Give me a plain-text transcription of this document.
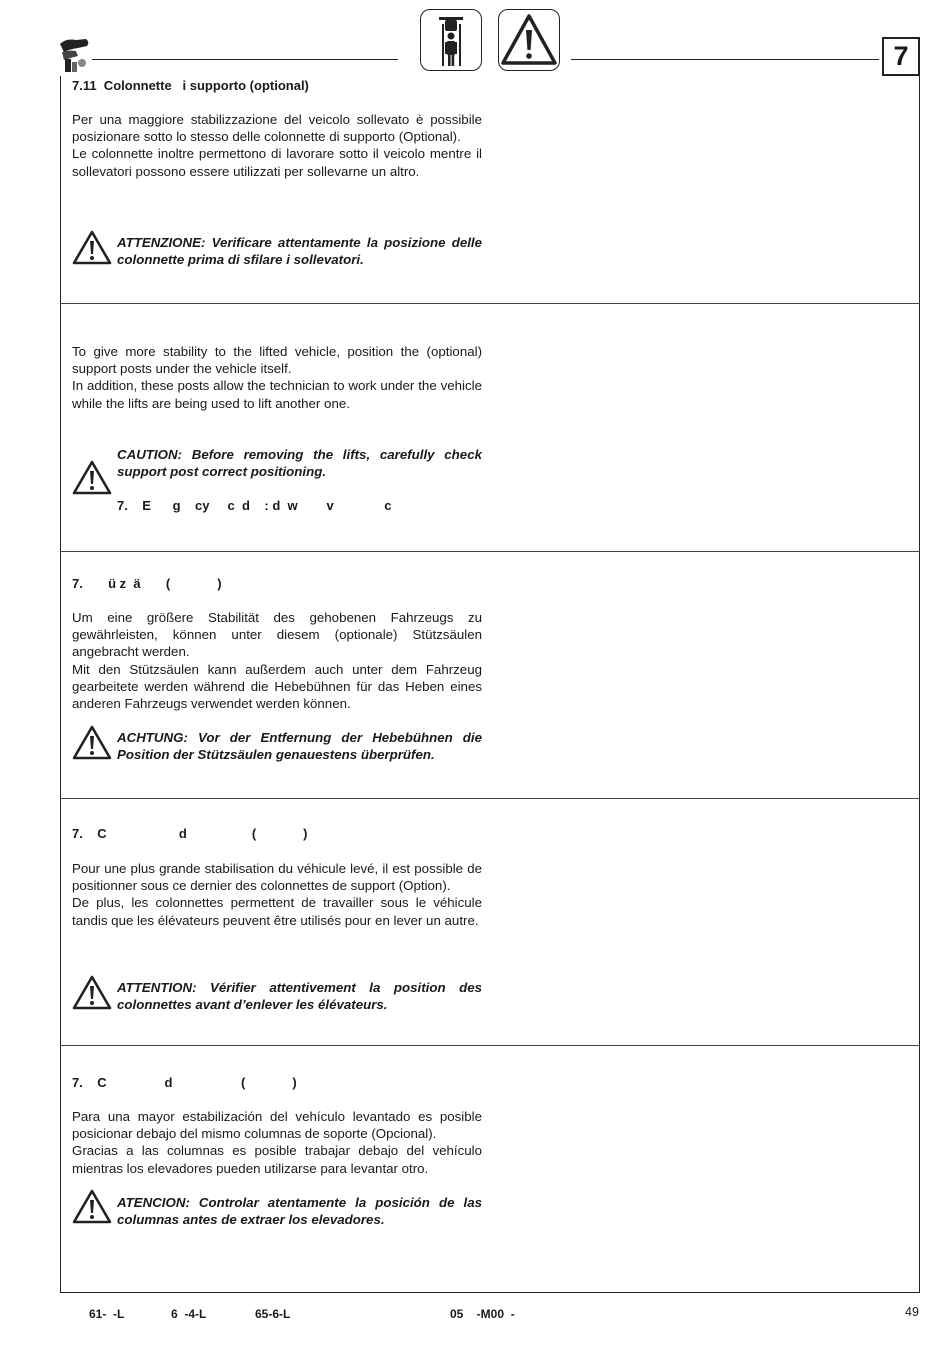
7
7.11  Colonnette   i supporto (optional)

Per una maggiore stabilizzazione del veicolo sollevato è possibile posizionare sotto lo stesso delle colonnette di supporto (Optional).

Le colonnette inoltre permettono di lavorare sotto il veicolo mentre il sollevatori possono essere utilizzati per sollevarne un altro.

ATTENZIONE: Verificare attentamente la posizione delle colonnette prima di sfilare i sollevatori.

To give more stability to the lifted vehicle, position the (optional) support posts under the vehicle itself.

In addition, these posts allow the technician to work under the vehicle while the lifts are being used to lift another one.

CAUTION: Before removing the lifts, carefully check support post correct positioning.
7.    E      g    cy     c  d    : d  w        v              c
7.       ü z  ä       (             )

Um eine größere Stabilität des gehobenen Fahrzeugs zu gewährleisten, können unter diesem (optionale) Stützsäulen angebracht werden.

Mit den Stützsäulen kann außerdem auch unter dem Fahrzeug gearbeitete werden während die Hebebühnen für das Heben eines anderen Fahrzeugs verwendet werden können.

ACHTUNG: Vor der Entfernung der Hebebühnen die Position der Stützsäulen genauestens überprüfen.
7.    C                    d                  (             )

Pour une plus grande stabilisation du véhicule levé, il est possible de positionner sous ce dernier des colonnettes de support (Option).

De plus, les colonnettes permettent de travailler sous le véhicule tandis que les élévateurs peuvent être utilisés pour en lever un autre.

ATTENTION: Vérifier attentivement la position des colonnettes avant d’enlever les élévateurs.
7.    C                d                   (             )

Para una mayor estabilización del vehículo levantado es posible posicionar debajo del mismo columnas de soporte (Opcional).

Gracias a las columnas es posible trabajar debajo del vehículo mientras los elevadores pueden utilizarse para levantar otro.

ATENCION: Controlar atentamente la posición de las columnas antes de extraer los elevadores.
61-  -L	6  -4-L	65-6-L	05    -M00  -	49
